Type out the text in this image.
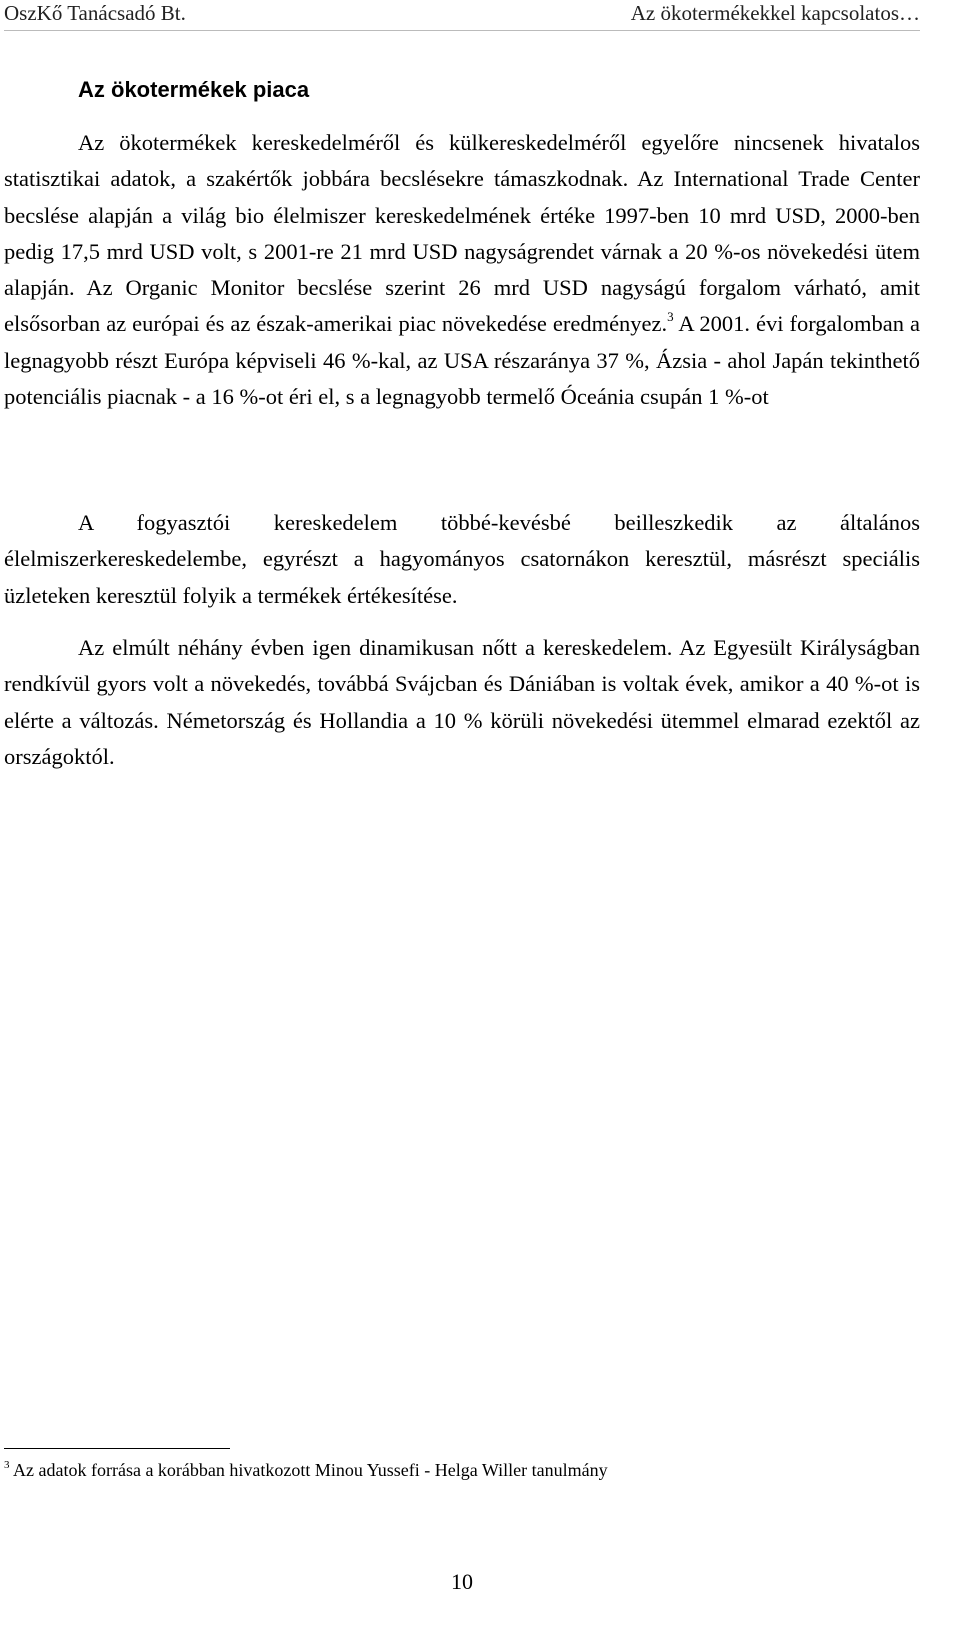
OszKő Tanácsadó Bt.	Az ökotermékekkel kapcsolatos…
Az ökotermékek piaca

Az ökotermékek kereskedelméről és külkereskedelméről egyelőre nincsenek hivatalos statisztikai adatok, a szakértők jobbára becslésekre támaszkodnak. Az International Trade Center becslése alapján a világ bio élelmiszer kereskedelmének értéke 1997-ben 10 mrd USD, 2000-ben pedig 17,5 mrd USD volt, s 2001-re 21 mrd USD nagyságrendet várnak a 20 %-os növekedési ütem alapján. Az Organic Monitor becslése szerint 26 mrd USD nagyságú forgalom várható, amit elsősorban az európai és az észak-amerikai piac növekedése eredményez.$^3$ A 2001. évi forgalomban a legnagyobb részt Európa képviseli 46 %-kal, az USA részaránya 37 %, Ázsia - ahol Japán tekinthető potenciális piacnak - a 16 %-ot éri el, s a legnagyobb termelő Óceánia csupán 1 %-ot

A fogyasztói kereskedelem többé-kevésbé beilleszkedik az általános élelmiszerkereskedelembe, egyrészt a hagyományos csatornákon keresztül, másrészt speciális üzleteken keresztül folyik a termékek értékesítése.

Az elmúlt néhány évben igen dinamikusan nőtt a kereskedelem. Az Egyesült Királyságban rendkívül gyors volt a növekedés, továbbá Svájcban és Dániában is voltak évek, amikor a 40 %-ot is elérte a változás. Németország és Hollandia a 10 % körüli növekedési ütemmel elmarad ezektől az országoktól.

$^3$ Az adatok forrása a korábban hivatkozott Minou Yussefi - Helga Willer tanulmány
10
